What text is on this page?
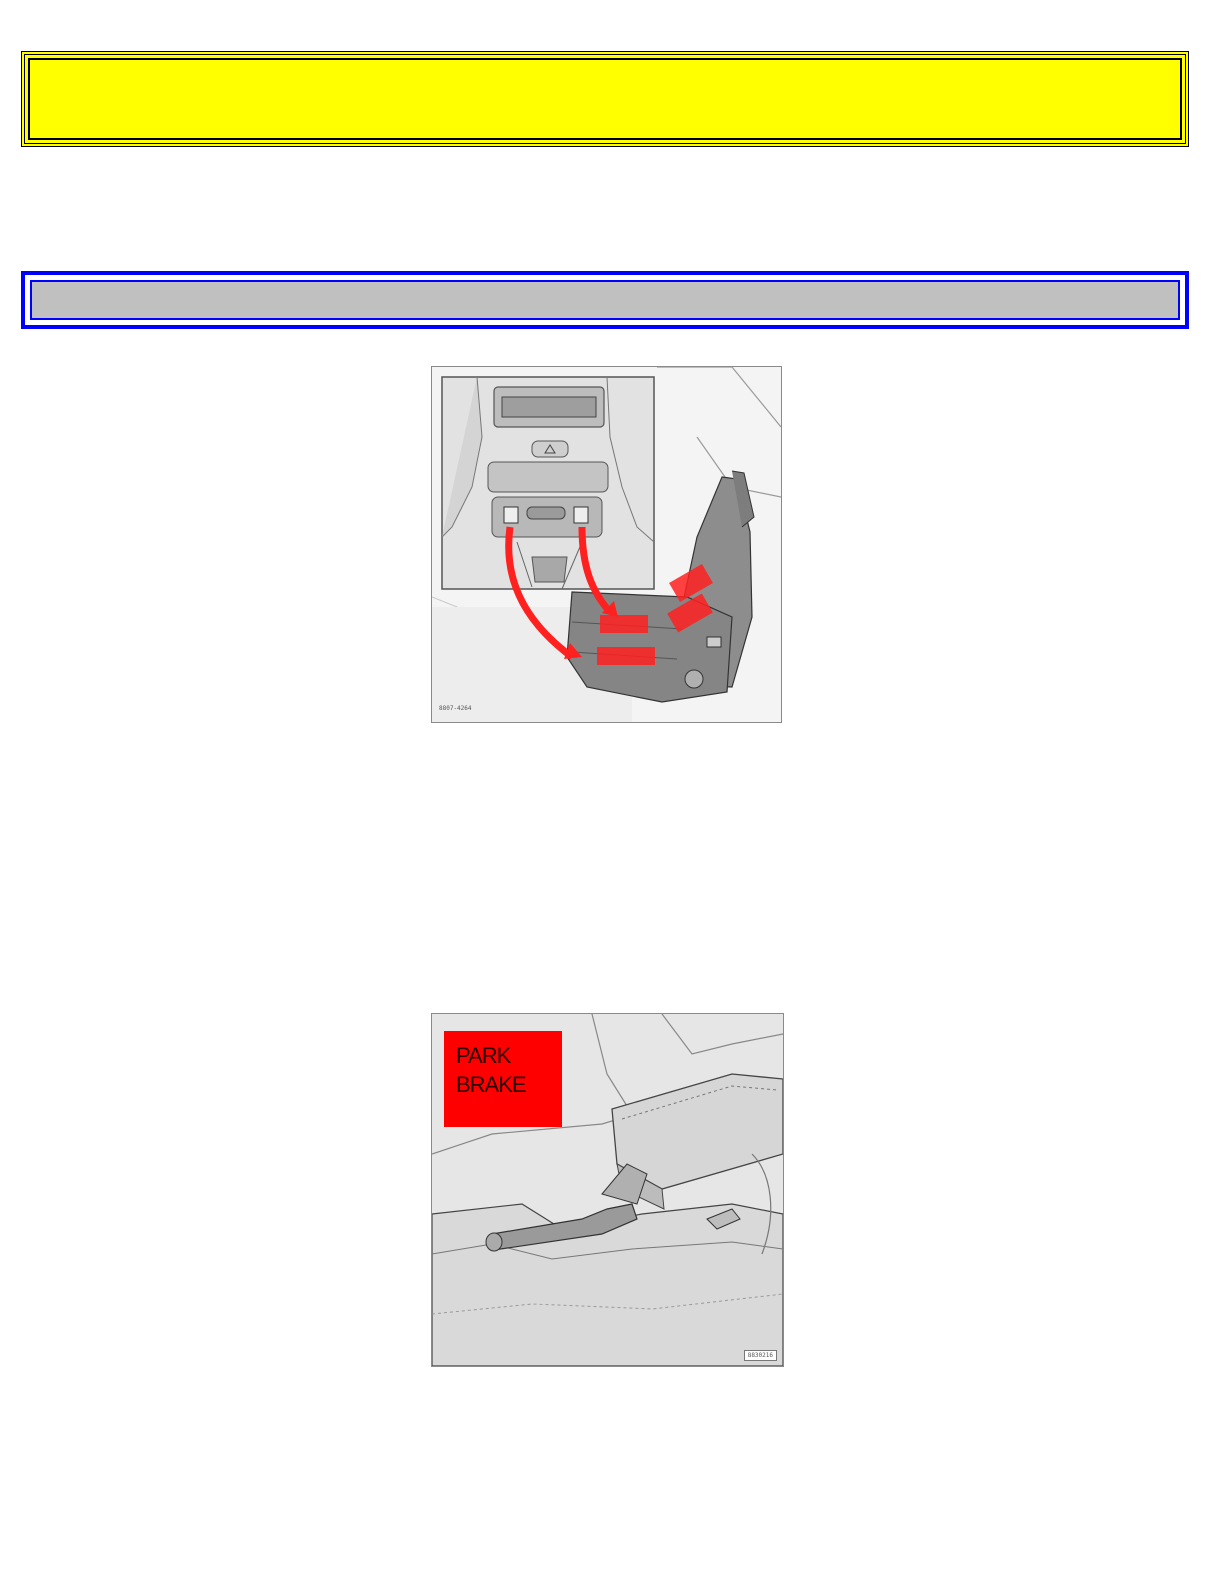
8807-4264
PARK
BRAKE
8830216
